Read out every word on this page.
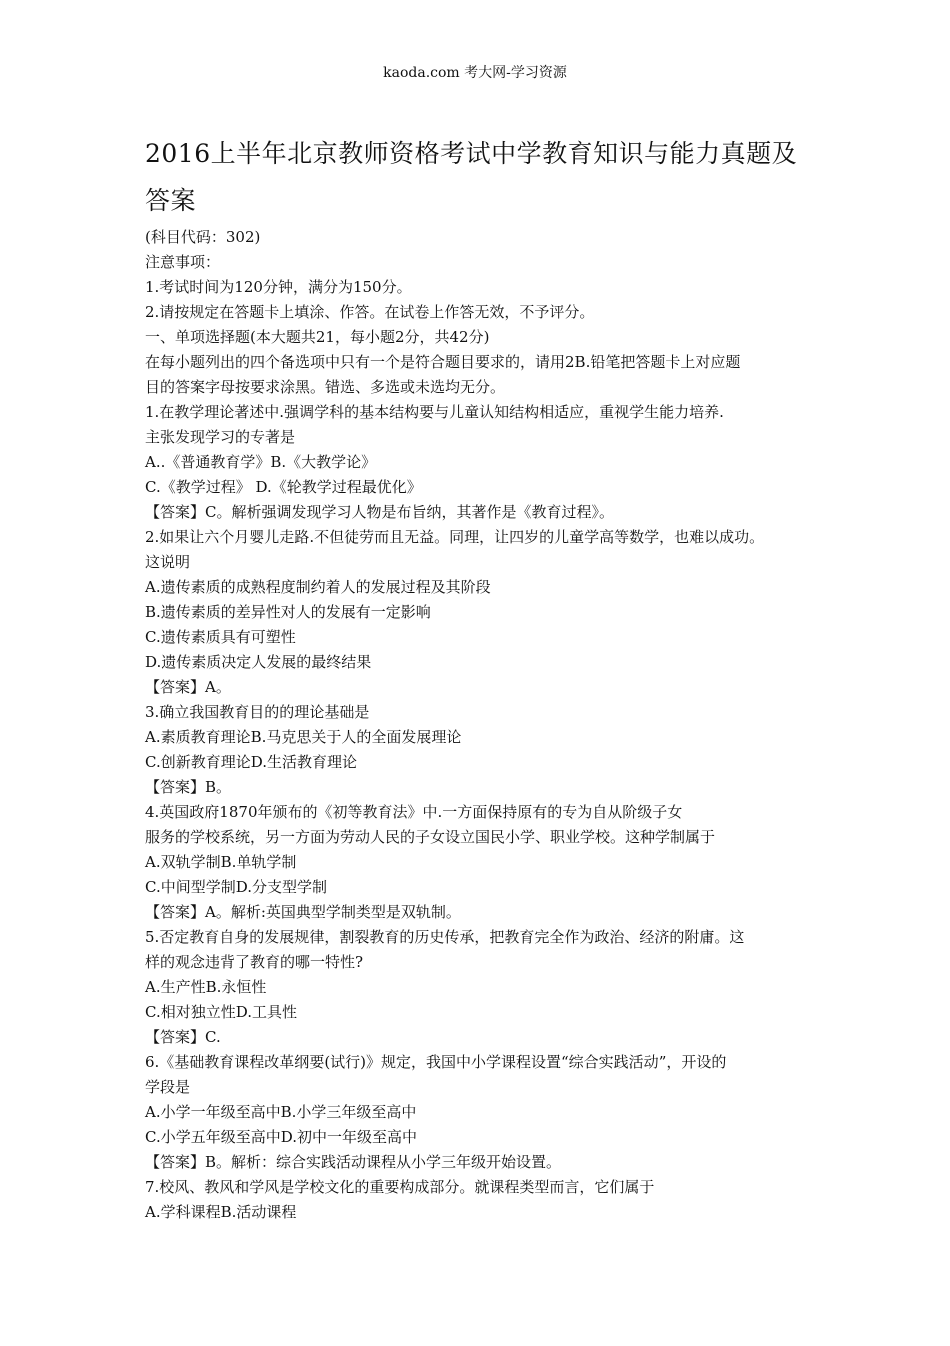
kaoda.com 考大网-学习资源
2016上半年北京教师资格考试中学教育知识与能力真题及
答案
(科目代码：302)
注意事项：
1.考试时间为120分钟，满分为150分。
2.请按规定在答题卡上填涂、作答。在试卷上作答无效，不予评分。
一、单项选择题(本大题共21，每小题2分，共42分)
在每小题列出的四个备选项中只有一个是符合题目要求的，请用2B.铅笔把答题卡上对应题
目的答案字母按要求涂黑。错选、多选或未选均无分。
1.在教学理论著述中.强调学科的基本结构要与儿童认知结构相适应，重视学生能力培养.
主张发现学习的专著是
A..《普通教育学》B.《大教学论》
C.《教学过程》 D.《轮教学过程最优化》
【答案】C。解析强调发现学习人物是布旨纳，其著作是《教育过程》。
2.如果让六个月婴儿走路.不但徒劳而且无益。同理，让四岁的儿童学高等数学，也难以成功。
这说明
A.遗传素质的成熟程度制约着人的发展过程及其阶段
B.遗传素质的差异性对人的发展有一定影响
C.遗传素质具有可塑性
D.遗传素质决定人发展的最终结果
【答案】A。
3.确立我国教育目的的理论基础是
A.素质教育理论B.马克思关于人的全面发展理论
C.创新教育理论D.生活教育理论
【答案】B。
4.英国政府1870年颁布的《初等教育法》中.一方面保持原有的专为自从阶级子女
服务的学校系统，另一方面为劳动人民的子女设立国民小学、职业学校。这种学制属于
A.双轨学制B.单轨学制
C.中间型学制D.分支型学制
【答案】A。解析:英国典型学制类型是双轨制。
5.否定教育自身的发展规律，割裂教育的历史传承，把教育完全作为政治、经济的附庸。这
样的观念违背了教育的哪一特性?
A.生产性B.永恒性
C.相对独立性D.工具性
【答案】C.
6.《基础教育课程改革纲要(试行)》规定，我国中小学课程设置“综合实践活动”，开设的
学段是
A.小学一年级至高中B.小学三年级至高中
C.小学五年级至高中D.初中一年级至高中
【答案】B。解析：综合实践活动课程从小学三年级开始设置。
7.校风、教风和学风是学校文化的重要构成部分。就课程类型而言，它们属于
A.学科课程B.活动课程
